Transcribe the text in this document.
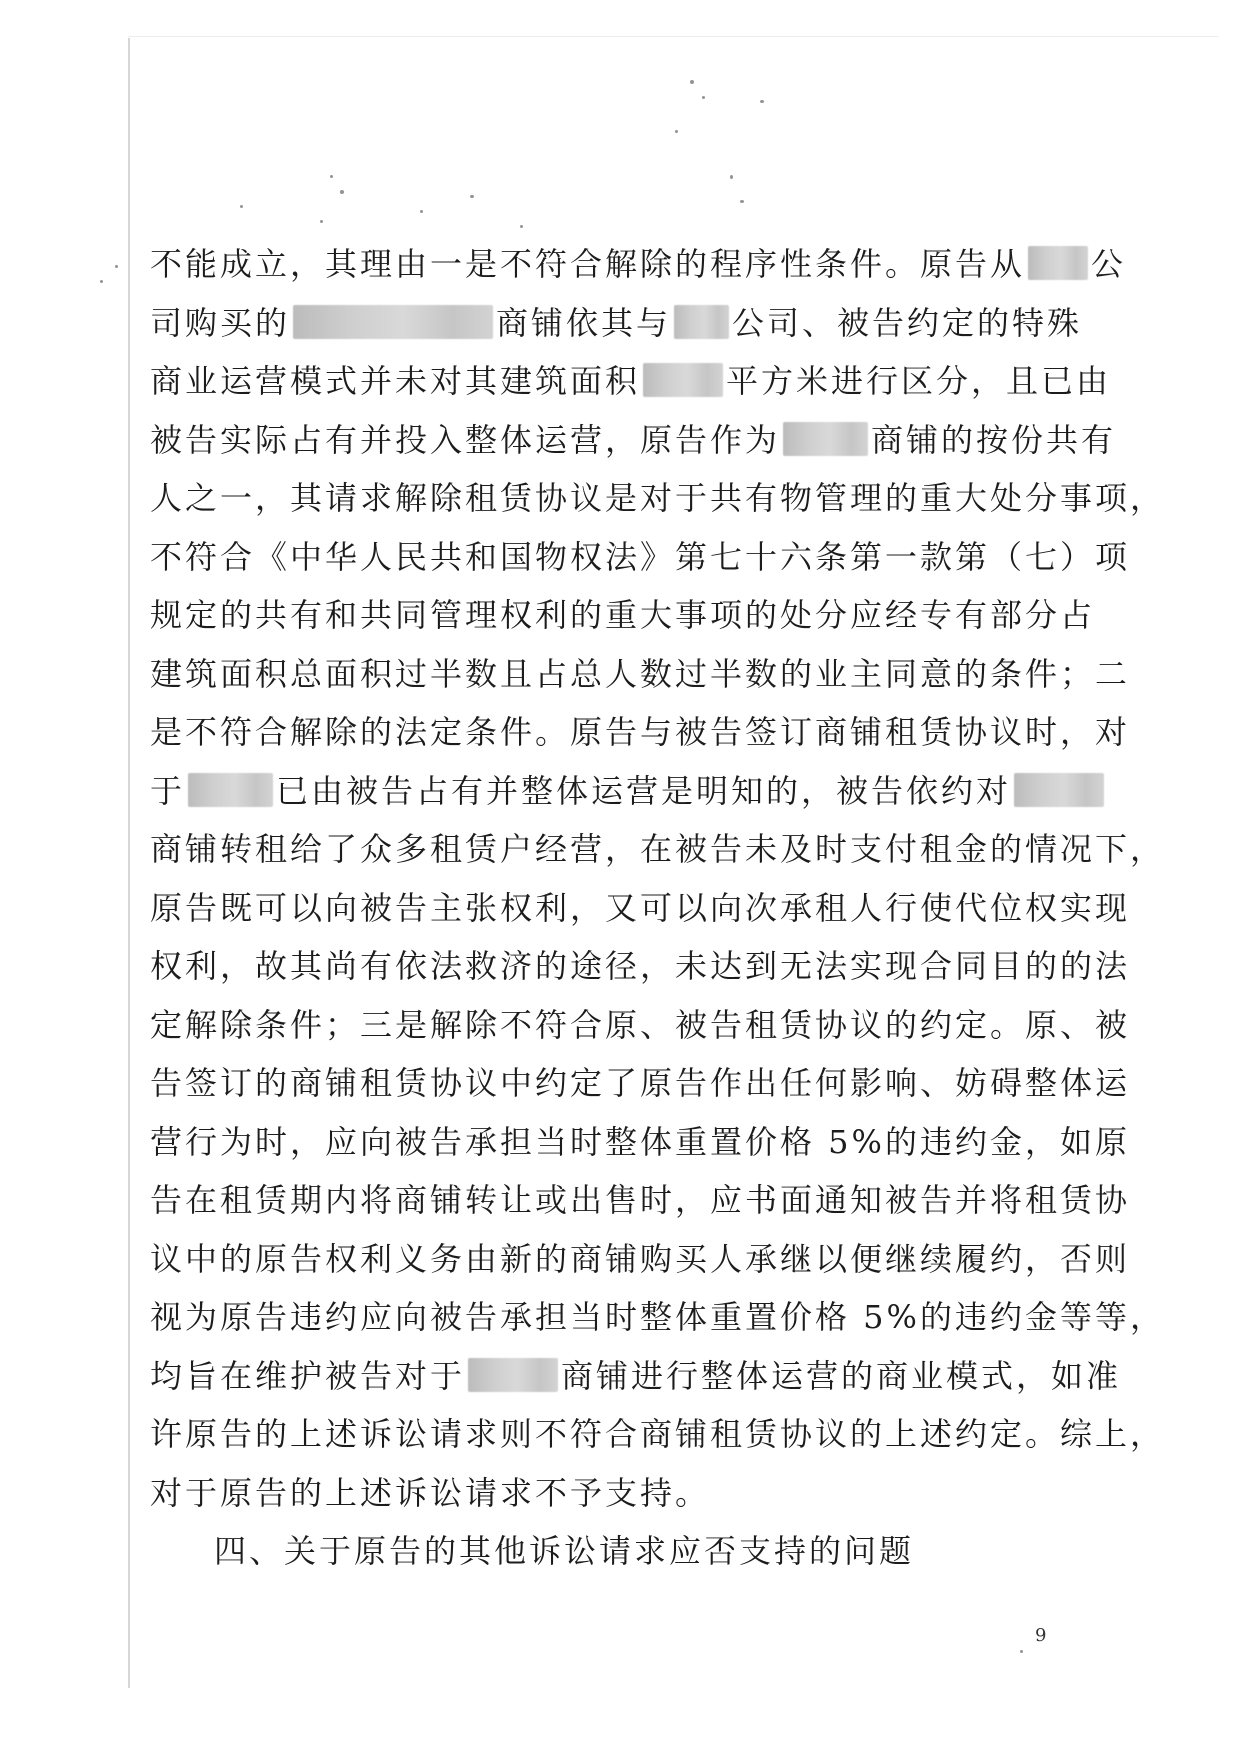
不能成立，其理由一是不符合解除的程序性条件。原告从 公
司购买的	商铺依其与 公司、被告约定的特殊
商业运营模式并未对其建筑面积	平方米进行区分，且已由
被告实际占有并投入整体运营，原告作为	商铺的按份共有
人之一，其请求解除租赁协议是对于共有物管理的重大处分事项，
不符合《中华人民共和国物权法》第七十六条第一款第（七）项
规定的共有和共同管理权利的重大事项的处分应经专有部分占
建筑面积总面积过半数且占总人数过半数的业主同意的条件；二
是不符合解除的法定条件。原告与被告签订商铺租赁协议时，对
于	已由被告占有并整体运营是明知的，被告依约对
商铺转租给了众多租赁户经营，在被告未及时支付租金的情况下，
原告既可以向被告主张权利，又可以向次承租人行使代位权实现
权利，故其尚有依法救济的途径，未达到无法实现合同目的的法
定解除条件；三是解除不符合原、被告租赁协议的约定。原、被
告签订的商铺租赁协议中约定了原告作出任何影响、妨碍整体运
营行为时，应向被告承担当时整体重置价格 5%的违约金，如原
告在租赁期内将商铺转让或出售时，应书面通知被告并将租赁协
议中的原告权利义务由新的商铺购买人承继以便继续履约，否则
视为原告违约应向被告承担当时整体重置价格 5%的违约金等等，
均旨在维护被告对于	商铺进行整体运营的商业模式，如准
许原告的上述诉讼请求则不符合商铺租赁协议的上述约定。综上，
对于原告的上述诉讼请求不予支持。
四、关于原告的其他诉讼请求应否支持的问题
9
